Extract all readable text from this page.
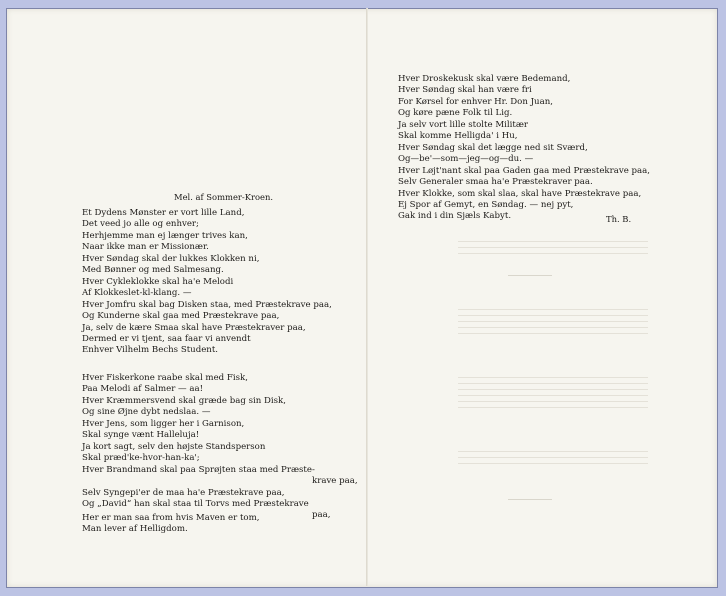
Mel. af Sommer-Kroen.
Et Dydens Mønster er vort lille Land,
Det veed jo alle og enhver;
Herhjemme man ej længer trives kan,
Naar ikke man er Missionær.
Hver Søndag skal der lukkes Klokken ni,
Med Bønner og med Salmesang.
Hver Cykleklokke skal ha'e Melodi
Af Klokkeslet-kl-klang. —
Hver Jomfru skal bag Disken staa, med Præstekrave paa,
Og Kunderne skal gaa med Præstekrave paa,
Ja, selv de kære Smaa skal have Præstekraver paa,
Dermed er vi tjent, saa faar vi anvendt
Enhver Vilhelm Bechs Student.
Hver Fiskerkone raabe skal med Fisk,
Paa Melodi af Salmer — aa!
Hver Kræmmersvend skal græde bag sin Disk,
Og sine Øjne dybt nedslaa. —
Hver Jens, som ligger her i Garnison,
Skal synge vænt Halleluja!
Ja kort sagt, selv den højste Standsperson
Skal præd'ke-hvor-han-ka';
Hver Brandmand skal paa Sprøjten staa med Præste-
krave paa,
Selv Syngepi'er de maa ha'e Præstekrave paa,
Og „David“ han skal staa til Torvs med Præstekrave
paa,
Her er man saa from hvis Maven er tom,
Man lever af Helligdom.
Hver Droskekusk skal være Bedemand,
Hver Søndag skal han være fri
For Kørsel for enhver Hr. Don Juan,
Og køre pæne Folk til Lig.
Ja selv vort lille stolte Militær
Skal komme Helligda' i Hu,
Hver Søndag skal det lægge ned sit Sværd,
Og—be'—som—jeg—og—du. —
Hver Løjt'nant skal paa Gaden gaa med Præstekrave paa,
Selv Generaler smaa ha'e Præstekraver paa.
Hver Klokke, som skal slaa, skal have Præstekrave paa,
Ej Spor af Gemyt, en Søndag. — nej pyt,
Gak ind i din Sjæls Kabyt.	Th. B.
